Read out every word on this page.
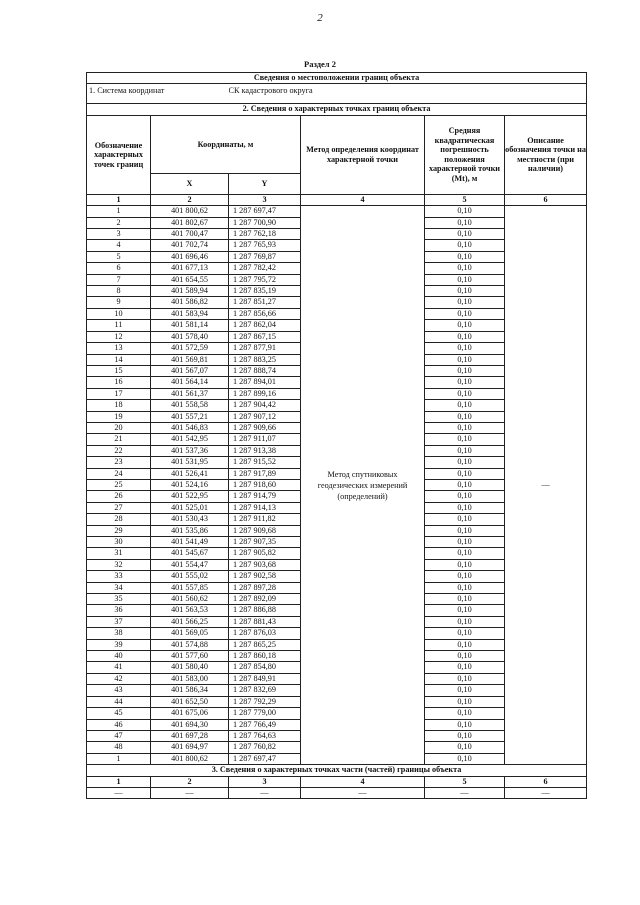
2
Раздел 2
Сведения о местоположении границ объекта					
1. Система координат		СК кадастрового округа			
2. Сведения о характерных точках границ объекта					
Обозначение характерных точек границ	Координаты, м		Метод определения координат характерной точки	Средняя квадратическая погрешность положения характерной точки (Mt), м	Описание обозначения точки на местности (при наличии)
	X	Y			
1	2	3	4	5	6
1	401 800,62	1 287 697,47	Метод спутниковых геодезических измерений (определений)	0,10	—
2	401 802,67	1 287 700,90		0,10	
3	401 700,47	1 287 762,18		0,10	
4	401 702,74	1 287 765,93		0,10	
5	401 696,46	1 287 769,87		0,10	
6	401 677,13	1 287 782,42		0,10	
7	401 654,55	1 287 795,72		0,10	
8	401 589,94	1 287 835,19		0,10	
9	401 586,82	1 287 851,27		0,10	
10	401 583,94	1 287 856,66		0,10	
11	401 581,14	1 287 862,04		0,10	
12	401 578,40	1 287 867,15		0,10	
13	401 572,59	1 287 877,91		0,10	
14	401 569,81	1 287 883,25		0,10	
15	401 567,07	1 287 888,74		0,10	
16	401 564,14	1 287 894,01		0,10	
17	401 561,37	1 287 899,16		0,10	
18	401 558,58	1 287 904,42		0,10	
19	401 557,21	1 287 907,12		0,10	
20	401 546,83	1 287 909,66		0,10	
21	401 542,95	1 287 911,07		0,10	
22	401 537,36	1 287 913,38		0,10	
23	401 531,95	1 287 915,52		0,10	
24	401 526,41	1 287 917,89		0,10	
25	401 524,16	1 287 918,60		0,10	
26	401 522,95	1 287 914,79		0,10	
27	401 525,01	1 287 914,13		0,10	
28	401 530,43	1 287 911,82		0,10	
29	401 535,86	1 287 909,68		0,10	
30	401 541,49	1 287 907,35		0,10	
31	401 545,67	1 287 905,82		0,10	
32	401 554,47	1 287 903,68		0,10	
33	401 555,02	1 287 902,58		0,10	
34	401 557,85	1 287 897,28		0,10	
35	401 560,62	1 287 892,09		0,10	
36	401 563,53	1 287 886,88		0,10	
37	401 566,25	1 287 881,43		0,10	
38	401 569,05	1 287 876,03		0,10	
39	401 574,88	1 287 865,25		0,10	
40	401 577,60	1 287 860,18		0,10	
41	401 580,40	1 287 854,80		0,10	
42	401 583,00	1 287 849,91		0,10	
43	401 586,34	1 287 832,69		0,10	
44	401 652,50	1 287 792,29		0,10	
45	401 675,06	1 287 779,00		0,10	
46	401 694,30	1 287 766,49		0,10	
47	401 697,28	1 287 764,63		0,10	
48	401 694,97	1 287 760,82		0,10	
1	401 800,62	1 287 697,47		0,10	
3. Сведения о характерных точках части (частей) границы объекта					
1	2	3	4	5	6
—	—	—	—	—	—
